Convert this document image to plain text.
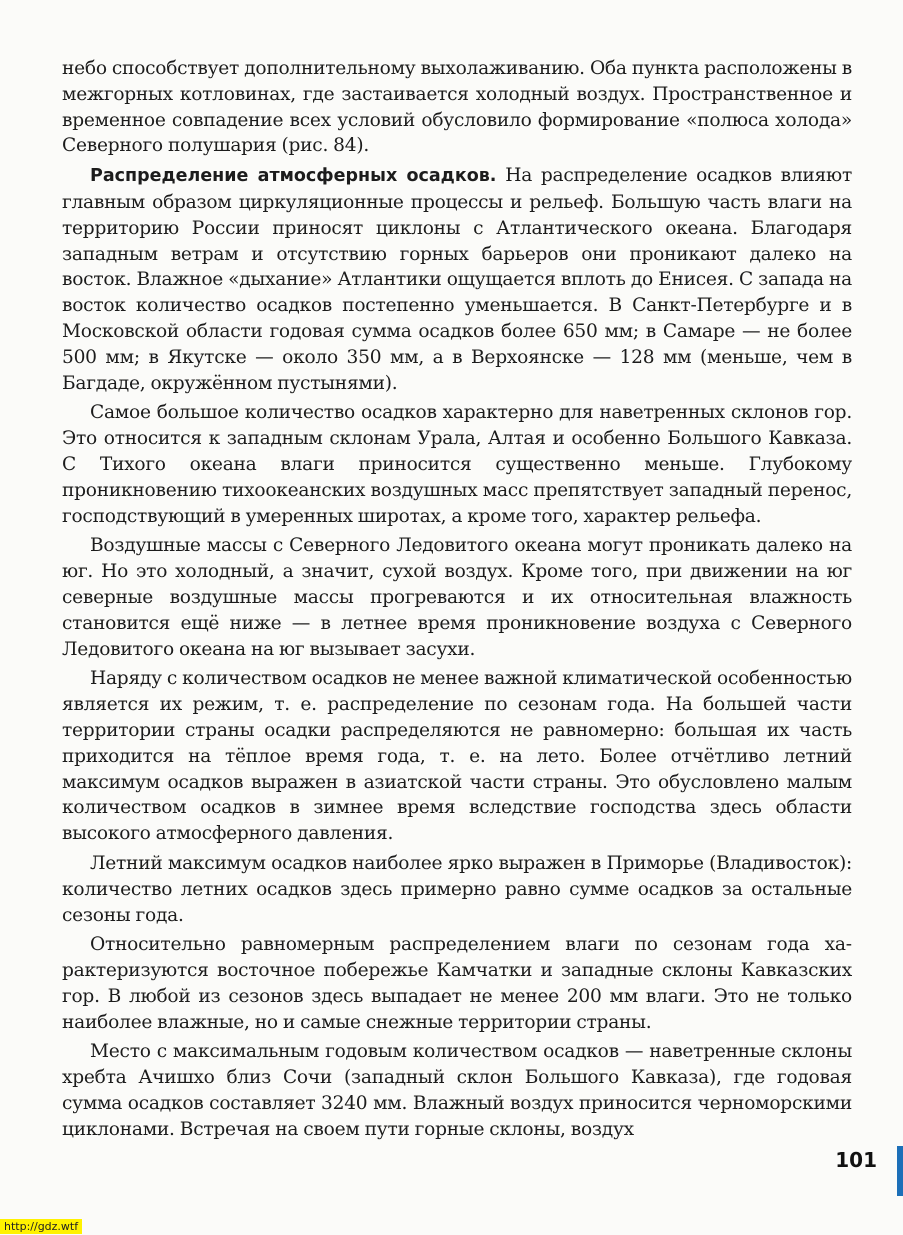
небо способствует дополнительному выхолаживанию. Оба пункта расположены в межгорных котловинах, где застаивается холодный воздух. Пространственное и временное совпадение всех условий обусловило формирование «полюса холода» Северного полушария (рис. 84).

Распределение атмосферных осадков. На распределение осадков влияют главным образом циркуляционные процессы и рельеф. Большую часть влаги на территорию России приносят циклоны с Атлантического океана. Благодаря западным ветрам и отсутствию горных барьеров они проникают далеко на восток. Влажное «дыхание» Атлантики ощущается вплоть до Енисея. С запада на восток количество осадков постепенно уменьшается. В Санкт-Петербурге и в Московской области годовая сумма осадков более 650 мм; в Самаре — не более 500 мм; в Якутске — около 350 мм, а в Верхоянске — 128 мм (меньше, чем в Багдаде, окружённом пустынями).

Самое большое количество осадков характерно для наветренных склонов гор. Это относится к западным склонам Урала, Алтая и особенно Большого Кавказа. С Тихого океана влаги приносится существенно меньше. Глубокому проникновению тихоокеанских воздушных масс препятствует западный перенос, господствующий в умеренных широтах, а кроме того, характер рельефа.

Воздушные массы с Северного Ледовитого океана могут проникать далеко на юг. Но это холодный, а значит, сухой воздух. Кроме того, при движении на юг северные воздушные массы прогреваются и их относительная влажность становится ещё ниже — в летнее время проникновение воздуха с Северного Ледовитого океана на юг вызывает засухи.

Наряду с количеством осадков не менее важной климатической особенностью является их режим, т. е. распределение по сезонам года. На большей части территории страны осадки распределяются не равномерно: большая их часть приходится на тёплое время года, т. е. на лето. Более отчётливо летний максимум осадков выражен в азиатской части страны. Это обусловлено малым количеством осадков в зимнее время вследствие господства здесь области высокого атмосферного давления.

Летний максимум осадков наиболее ярко выражен в Приморье (Владивосток): количество летних осадков здесь примерно равно сумме осадков за остальные сезоны года.

Относительно равномерным распределением влаги по сезонам года характеризуются восточное побережье Камчатки и западные склоны Кавказских гор. В любой из сезонов здесь выпадает не менее 200 мм влаги. Это не только наиболее влажные, но и самые снежные территории страны.

Место с максимальным годовым количеством осадков — наветренные склоны хребта Ачишхо близ Сочи (западный склон Большого Кавказа), где годовая сумма осадков составляет 3240 мм. Влажный воздух приносится черноморскими циклонами. Встречая на своем пути горные склоны, воздух

101
http://gdz.wtf
